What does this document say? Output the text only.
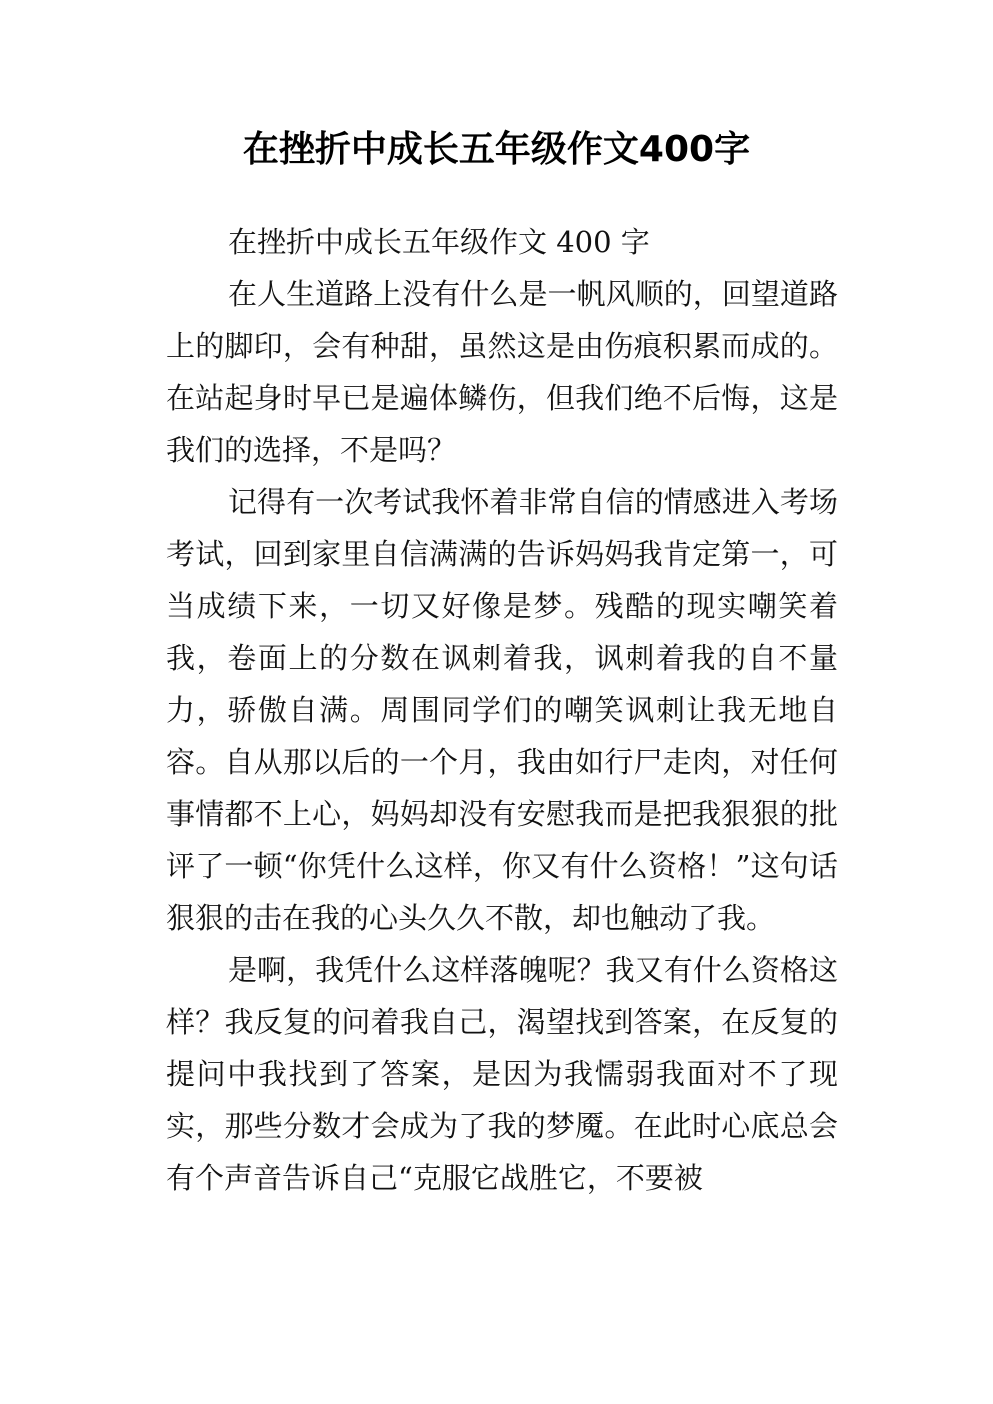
在挫折中成长五年级作文400字

在挫折中成长五年级作文 400 字

在人生道路上没有什么是一帆风顺的，回望道路上的脚印，会有种甜，虽然这是由伤痕积累而成的。在站起身时早已是遍体鳞伤，但我们绝不后悔，这是我们的选择，不是吗？

记得有一次考试我怀着非常自信的情感进入考场考试，回到家里自信满满的告诉妈妈我肯定第一，可当成绩下来，一切又好像是梦。残酷的现实嘲笑着我，卷面上的分数在讽刺着我，讽刺着我的自不量力，骄傲自满。周围同学们的嘲笑讽刺让我无地自容。自从那以后的一个月，我由如行尸走肉，对任何事情都不上心，妈妈却没有安慰我而是把我狠狠的批评了一顿“你凭什么这样，你又有什么资格！”这句话狠狠的击在我的心头久久不散，却也触动了我。

是啊，我凭什么这样落魄呢？我又有什么资格这样？我反复的问着我自己，渴望找到答案，在反复的提问中我找到了答案，是因为我懦弱我面对不了现实，那些分数才会成为了我的梦魇。在此时心底总会有个声音告诉自己“克服它战胜它，不要被
